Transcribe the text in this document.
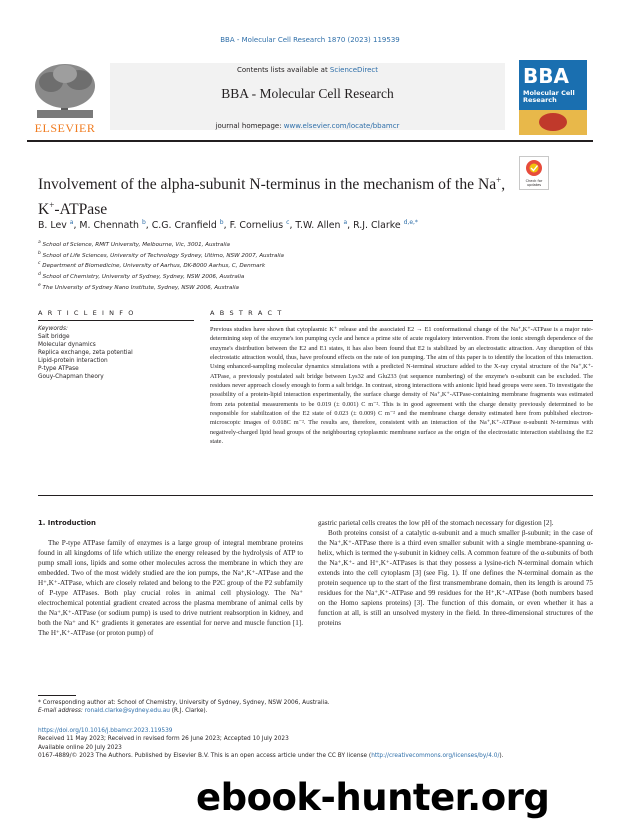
BBA - Molecular Cell Research 1870 (2023) 119539
ELSEVIER
Contents lists available at ScienceDirect
BBA - Molecular Cell Research
journal homepage: www.elsevier.com/locate/bbamcr
BBA
Molecular Cell Research
Involvement of the alpha-subunit N-terminus in the mechanism of the Na+,
K+-ATPase
Check for updates
B. Lev $^a$, M. Chennath $^b$, C.G. Cranfield $^b$, F. Cornelius $^c$, T.W. Allen $^a$, R.J. Clarke $^{d,e,*}$
$^a$ School of Science, RMIT University, Melbourne, Vic, 3001, Australia
$^b$ School of Life Sciences, University of Technology Sydney, Ultimo, NSW 2007, Australia
$^c$ Department of Biomedicine, University of Aarhus, DK-8000 Aarhus, C, Denmark
$^d$ School of Chemistry, University of Sydney, Sydney, NSW 2006, Australia
$^e$ The University of Sydney Nano Institute, Sydney, NSW 2006, Australia
A R T I C L E I N F O	A B S T R A C T
Keywords:
Salt bridge
Molecular dynamics
Replica exchange, zeta potential
Lipid-protein interaction
P-type ATPase
Gouy-Chapman theory
Previous studies have shown that cytoplasmic K⁺ release and the associated E2 → E1 conformational change of the Na⁺,K⁺-ATPase is a major rate-determining step of the enzyme's ion pumping cycle and hence a prime site of acute regulatory intervention. From the ionic strength dependence of the enzyme's distribution between the E2 and E1 states, it has also been found that E2 is stabilized by an electrostatic attraction. Any disruption of this electrostatic attraction would, thus, have profound effects on the rate of ion pumping. The aim of this paper is to identify the location of this interaction. Using enhanced-sampling molecular dynamics simulations with a predicted N-terminal structure added to the X-ray crystal structure of the Na⁺,K⁺-ATPase, a previously postulated salt bridge between Lys32 and Glu233 (rat sequence numbering) of the enzyme's α-subunit can be excluded. The residues never approach closely enough to form a salt bridge. In contrast, strong interactions with anionic lipid head groups were seen. To investigate the possibility of a protein-lipid interaction experimentally, the surface charge density of Na⁺,K⁺-ATPase-containing membrane fragments was estimated from zeta potential measurements to be 0.019 (± 0.001) C m⁻². This is in good agreement with the charge density previously determined to be responsible for stabilization of the E2 state of 0.023 (± 0.009) C m⁻² and the membrane charge density estimated here from published electron-microscopic images of 0.018C m⁻². The results are, therefore, consistent with an interaction of the Na⁺,K⁺-ATPase α-subunit N-terminus with negatively-charged lipid head groups of the neighbouring cytoplasmic membrane surface as the origin of the electrostatic interaction stabilising the E2 state.
1. Introduction

The P-type ATPase family of enzymes is a large group of integral membrane proteins found in all kingdoms of life which utilize the energy released by the hydrolysis of ATP to pump small ions, lipids and some other molecules across the membrane in which they are embedded. Two of the most widely studied are the ion pumps, the Na⁺,K⁺-ATPase and the H⁺,K⁺-ATPase, which are closely related and belong to the P2C group of the P2 subfamily of P-type ATPases. Both play crucial roles in animal cell physiology. The Na⁺ electrochemical potential gradient created across the plasma membrane of animal cells by the Na⁺,K⁺-ATPase (or sodium pump) is used to drive nutrient reabsorption in kidney, and both the Na⁺ and K⁺ gradients it generates are essential for nerve and muscle function [1]. The H⁺,K⁺-ATPase (or proton pump) of

gastric parietal cells creates the low pH of the stomach necessary for digestion [2].

Both proteins consist of a catalytic α-subunit and a much smaller β-subunit; in the case of the Na⁺,K⁺-ATPase there is a third even smaller subunit with a single membrane-spanning α-helix, which is termed the γ-subunit in kidney cells. A common feature of the α-subunits of both the Na⁺,K⁺- and H⁺,K⁺-ATPases is that they possess a lysine-rich N-terminal domain which extends into the cell cytoplasm [3] (see Fig. 1). If one defines the N-terminal domain as the protein sequence up to the start of the first transmembrane domain, then its length is around 75 residues for the Na⁺,K⁺-ATPase and 99 residues for the H⁺,K⁺-ATPase (both numbers based on the Homo sapiens proteins) [3]. The function of this domain, or even whether it has a function at all, is still an unsolved mystery in the field. In three-dimensional structures of the proteins

* Corresponding author at: School of Chemistry, University of Sydney, Sydney, NSW 2006, Australia.
E-mail address: ronald.clarke@sydney.edu.au (R.J. Clarke).
https://doi.org/10.1016/j.bbamcr.2023.119539
Received 11 May 2023; Received in revised form 26 June 2023; Accepted 10 July 2023
Available online 20 July 2023
0167-4889/© 2023 The Authors. Published by Elsevier B.V. This is an open access article under the CC BY license (http://creativecommons.org/licenses/by/4.0/).
ebook-hunter.org
